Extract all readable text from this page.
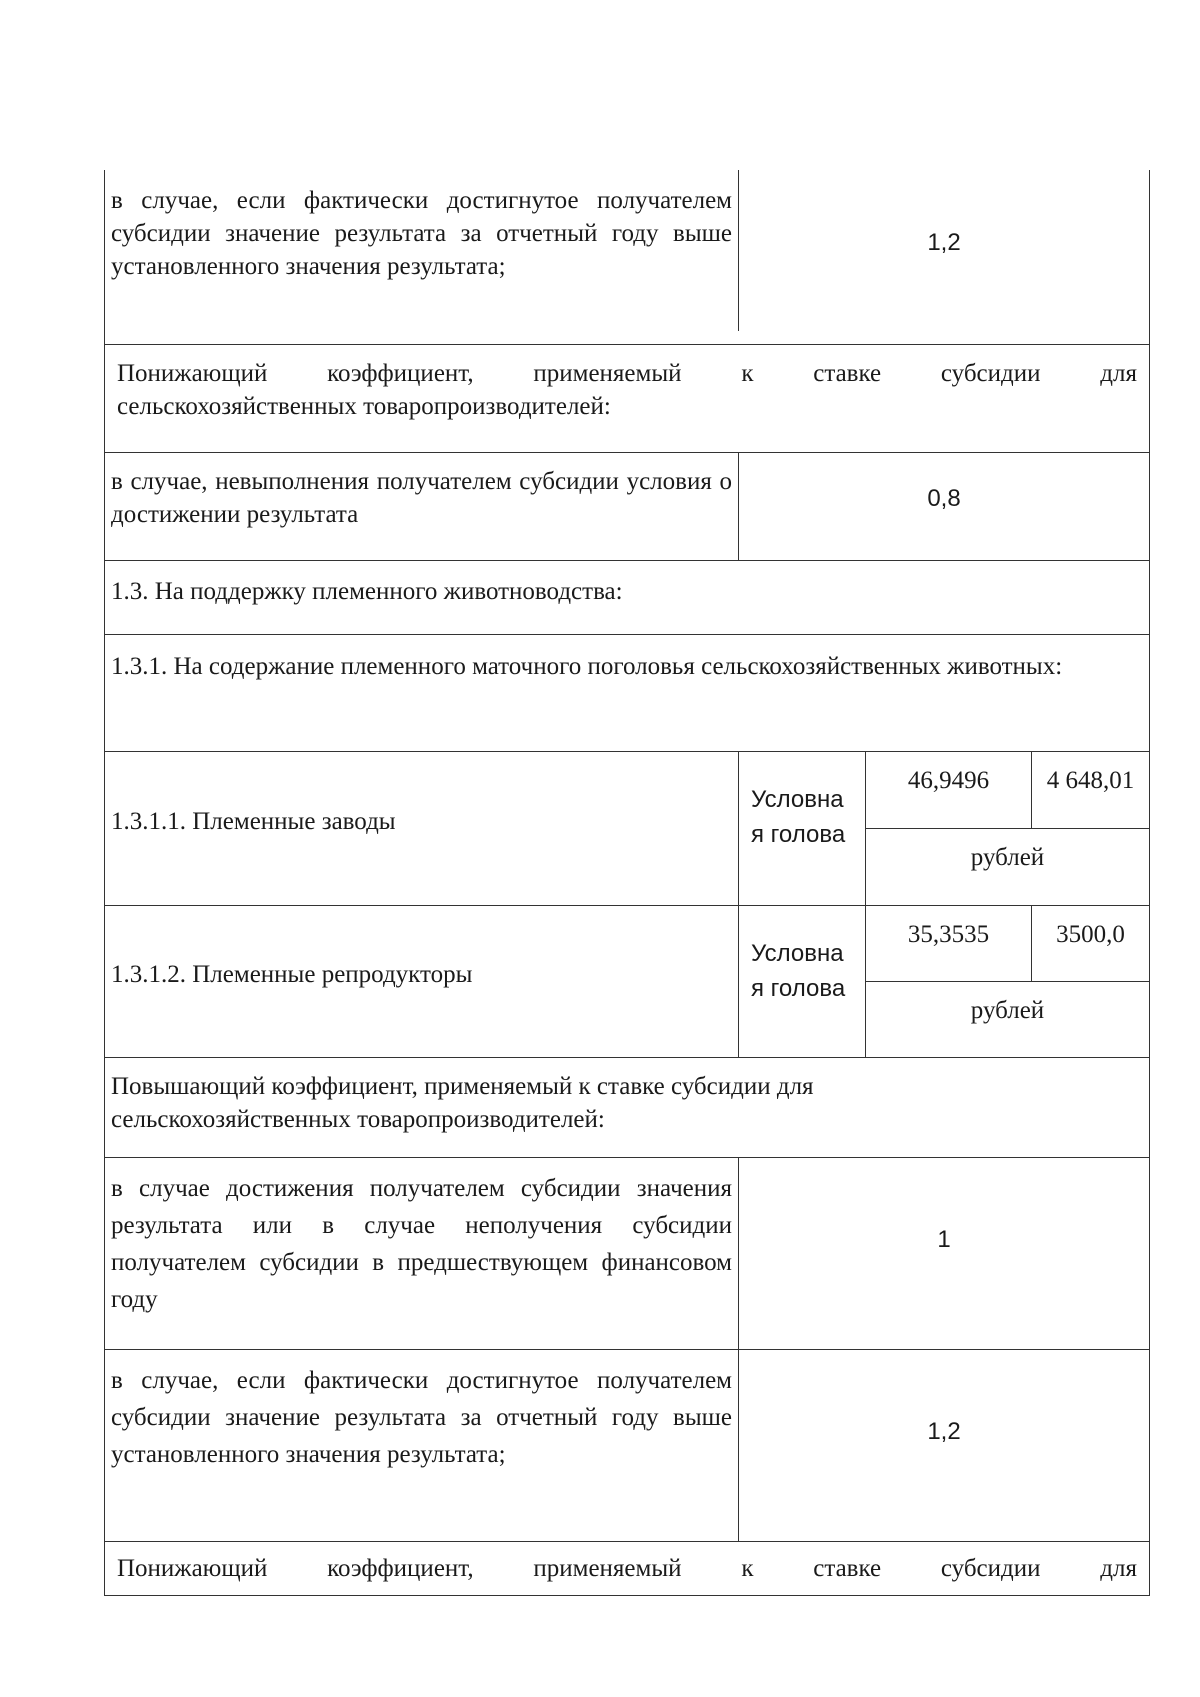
в случае, если фактически достигнутое получателем субсидии значение результата за отчетный году выше установленного значения результата;
1,2
Понижающий коэффициент, применяемый к ставке субсидии для
сельскохозяйственных товаропроизводителей:
в случае, невыполнения получателем субсидии условия о достижении результата
0,8
1.3. На поддержку племенного животноводства:
1.3.1. На содержание племенного маточного поголовья сельскохозяйственных животных:
1.3.1.1. Племенные заводы
Условна
я голова
46,9496	4 648,01
рублей
1.3.1.2. Племенные репродукторы
Условна
я голова
35,3535	3500,0
рублей
Повышающий коэффициент, применяемый к ставке субсидии для сельскохозяйственных товаропроизводителей:
в случае достижения получателем субсидии значения результата или в случае неполучения субсидии получателем субсидии в предшествующем финансовом году
1
в случае, если фактически достигнутое получателем субсидии значение результата за отчетный году выше установленного значения результата;
1,2
Понижающий коэффициент, применяемый к ставке субсидии для
